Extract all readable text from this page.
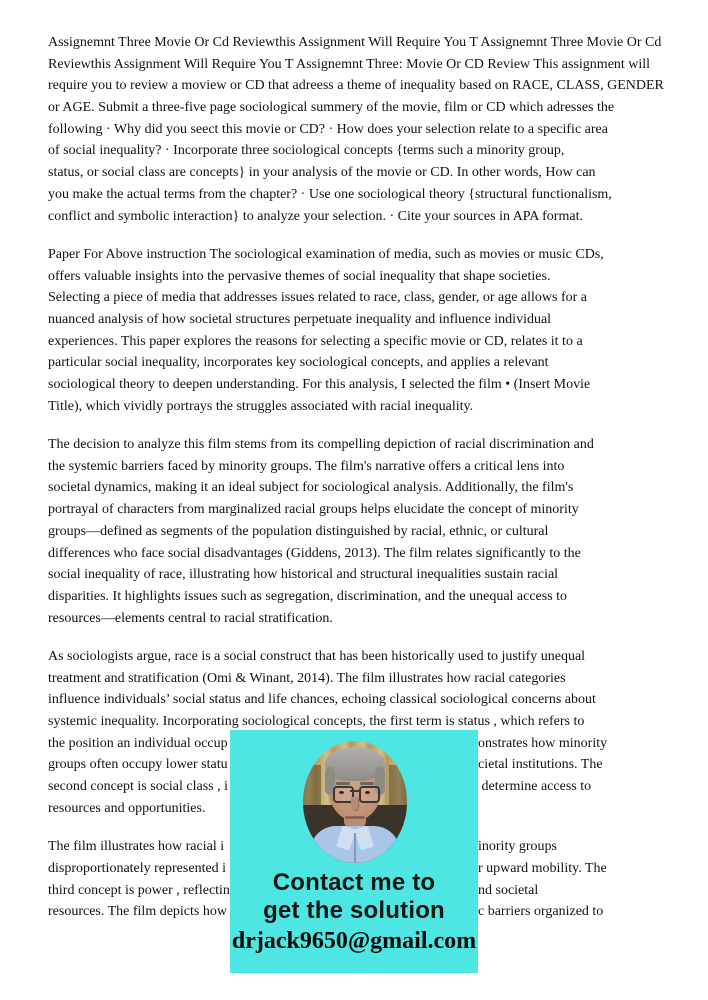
Assignemnt Three Movie Or Cd Reviewthis Assignment Will Require You T Assignemnt Three Movie Or Cd
Reviewthis Assignment Will Require You T Assignemnt Three: Movie Or CD Review This assignment will
require you to review a moview or CD that adreess a theme of inequality based on RACE, CLASS, GENDER
or AGE. Submit a three-five page sociological summery of the movie, film or CD which adresses the
following · Why did you seect this movie or CD? · How does your selection relate to a specific area
of social inequality? · Incorporate three sociological concepts {terms such a minority group,
status, or social class are concepts} in your analysis of the movie or CD. In other words, How can
you make the actual terms from the chapter? · Use one sociological theory {structural functionalism,
conflict and symbolic interaction} to analyze your selection. · Cite your sources in APA format.
Paper For Above instruction The sociological examination of media, such as movies or music CDs,
offers valuable insights into the pervasive themes of social inequality that shape societies.
Selecting a piece of media that addresses issues related to race, class, gender, or age allows for a
nuanced analysis of how societal structures perpetuate inequality and influence individual
experiences. This paper explores the reasons for selecting a specific movie or CD, relates it to a
particular social inequality, incorporates key sociological concepts, and applies a relevant
sociological theory to deepen understanding. For this analysis, I selected the film • (Insert Movie
Title), which vividly portrays the struggles associated with racial inequality.
The decision to analyze this film stems from its compelling depiction of racial discrimination and
the systemic barriers faced by minority groups. The film's narrative offers a critical lens into
societal dynamics, making it an ideal subject for sociological analysis. Additionally, the film's
portrayal of characters from marginalized racial groups helps elucidate the concept of minority
groups—defined as segments of the population distinguished by racial, ethnic, or cultural
differences who face social disadvantages (Giddens, 2013). The film relates significantly to the
social inequality of race, illustrating how historical and structural inequalities sustain racial
disparities. It highlights issues such as segregation, discrimination, and the unequal access to
resources—elements central to racial stratification.
As sociologists argue, race is a social construct that has been historically used to justify unequal
treatment and stratification (Omi & Winant, 2014). The film illustrates how racial categories
influence individuals’ social status and life chances, echoing classical sociological concerns about
systemic inequality. Incorporating sociological concepts, the first term is status , which refers to
the position an individual occup	onstrates how minority
groups often occupy lower statu	cietal institutions. The
second concept is social class , i	determine access to
resources and opportunities.
The film illustrates how racial i	inority groups
disproportionately represented i	r upward mobility. The
third concept is power , reflectin	nd societal
resources. The film depicts how	c barriers organized to
Contact me to
get the solution
drjack9650@gmail.com
